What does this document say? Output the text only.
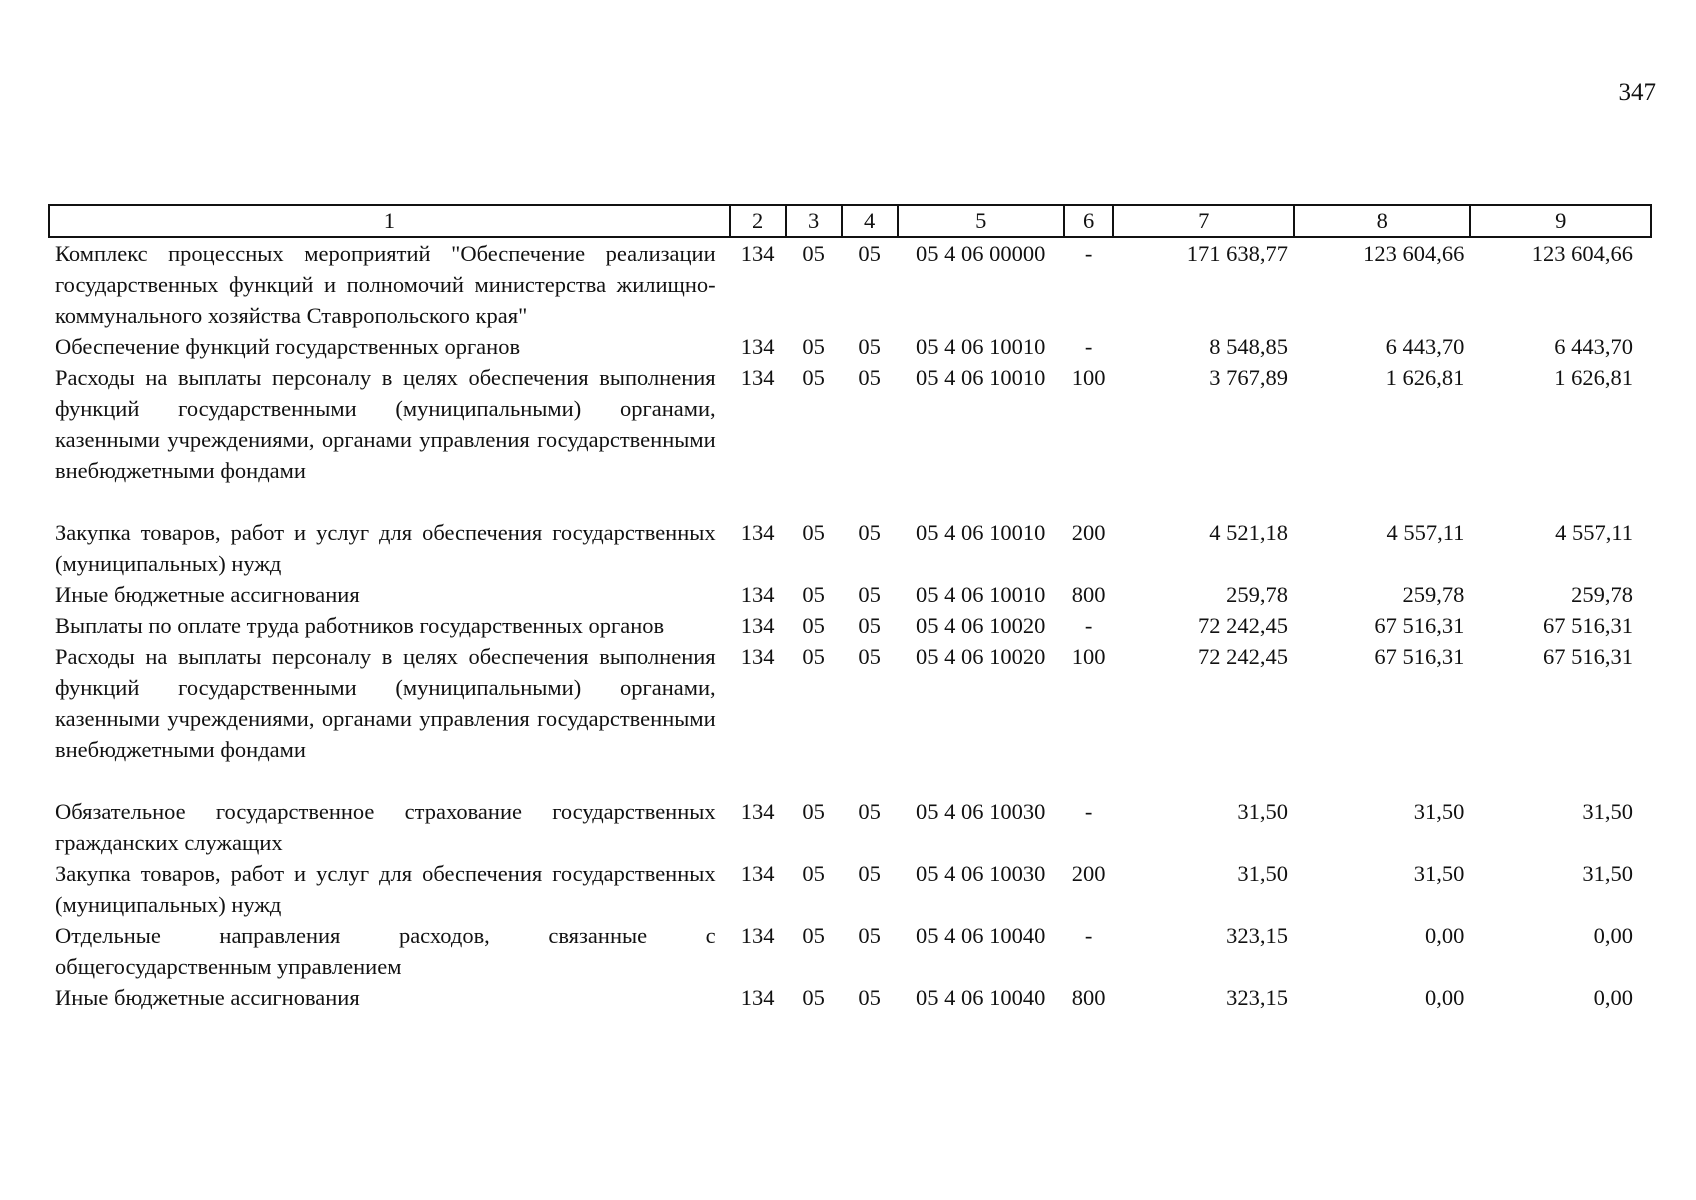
347
1	2	3	4	5	6	7	8	9
Комплекс процессных мероприятий "Обеспечение реализации государственных функций и полномочий министерства жилищно-коммунального хозяйства Ставропольского края"	134	05	05	05 4 06 00000	-	171 638,77	123 604,66	123 604,66
Обеспечение функций государственных органов	134	05	05	05 4 06 10010	-	8 548,85	6 443,70	6 443,70
Расходы на выплаты персоналу в целях обеспечения выполнения функций государственными (муниципальными) органами, казенными учреждениями, органами управления государственными внебюджетными фондами	134	05	05	05 4 06 10010	100	3 767,89	1 626,81	1 626,81

Закупка товаров, работ и услуг для обеспечения государственных (муниципальных) нужд	134	05	05	05 4 06 10010	200	4 521,18	4 557,11	4 557,11
Иные бюджетные ассигнования	134	05	05	05 4 06 10010	800	259,78	259,78	259,78
Выплаты по оплате труда работников государственных органов	134	05	05	05 4 06 10020	-	72 242,45	67 516,31	67 516,31
Расходы на выплаты персоналу в целях обеспечения выполнения функций государственными (муниципальными) органами, казенными учреждениями, органами управления государственными внебюджетными фондами	134	05	05	05 4 06 10020	100	72 242,45	67 516,31	67 516,31

Обязательное государственное страхование государственных гражданских служащих	134	05	05	05 4 06 10030	-	31,50	31,50	31,50
Закупка товаров, работ и услуг для обеспечения государственных (муниципальных) нужд	134	05	05	05 4 06 10030	200	31,50	31,50	31,50
Отдельные направления расходов, связанные с общегосударственным управлением	134	05	05	05 4 06 10040	-	323,15	0,00	0,00
Иные бюджетные ассигнования	134	05	05	05 4 06 10040	800	323,15	0,00	0,00
